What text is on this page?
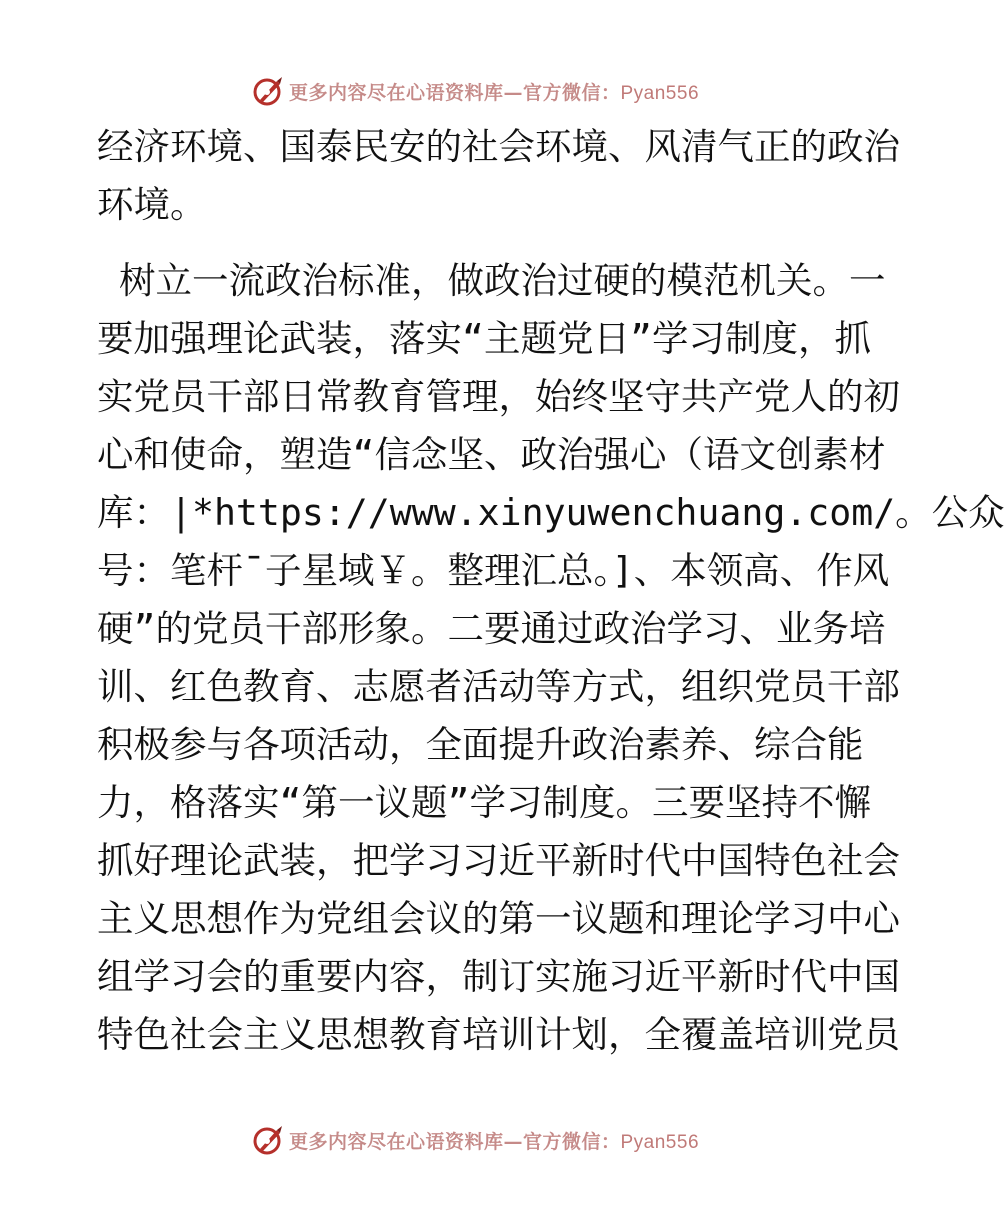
更多内容尽在心语资料库—官方微信：Pyan556
经济环境、国泰民安的社会环境、风清气正的政治
环境。
树立一流政治标准，做政治过硬的模范机关。一
要加强理论武装，落实“主题党日”学习制度，抓
实党员干部日常教育管理，始终坚守共产党人的初
心和使命，塑造“信念坚、政治强心（语文创素材
库：|*https://www.xinyuwenchuang.com/。公众
号：笔杆¯子星域￥。整理汇总。]、本领高、作风
硬”的党员干部形象。二要通过政治学习、业务培
训、红色教育、志愿者活动等方式，组织党员干部
积极参与各项活动，全面提升政治素养、综合能
力，格落实“第一议题”学习制度。三要坚持不懈
抓好理论武装，把学习习近平新时代中国特色社会
主义思想作为党组会议的第一议题和理论学习中心
组学习会的重要内容，制订实施习近平新时代中国
特色社会主义思想教育培训计划，全覆盖培训党员
更多内容尽在心语资料库—官方微信：Pyan556
